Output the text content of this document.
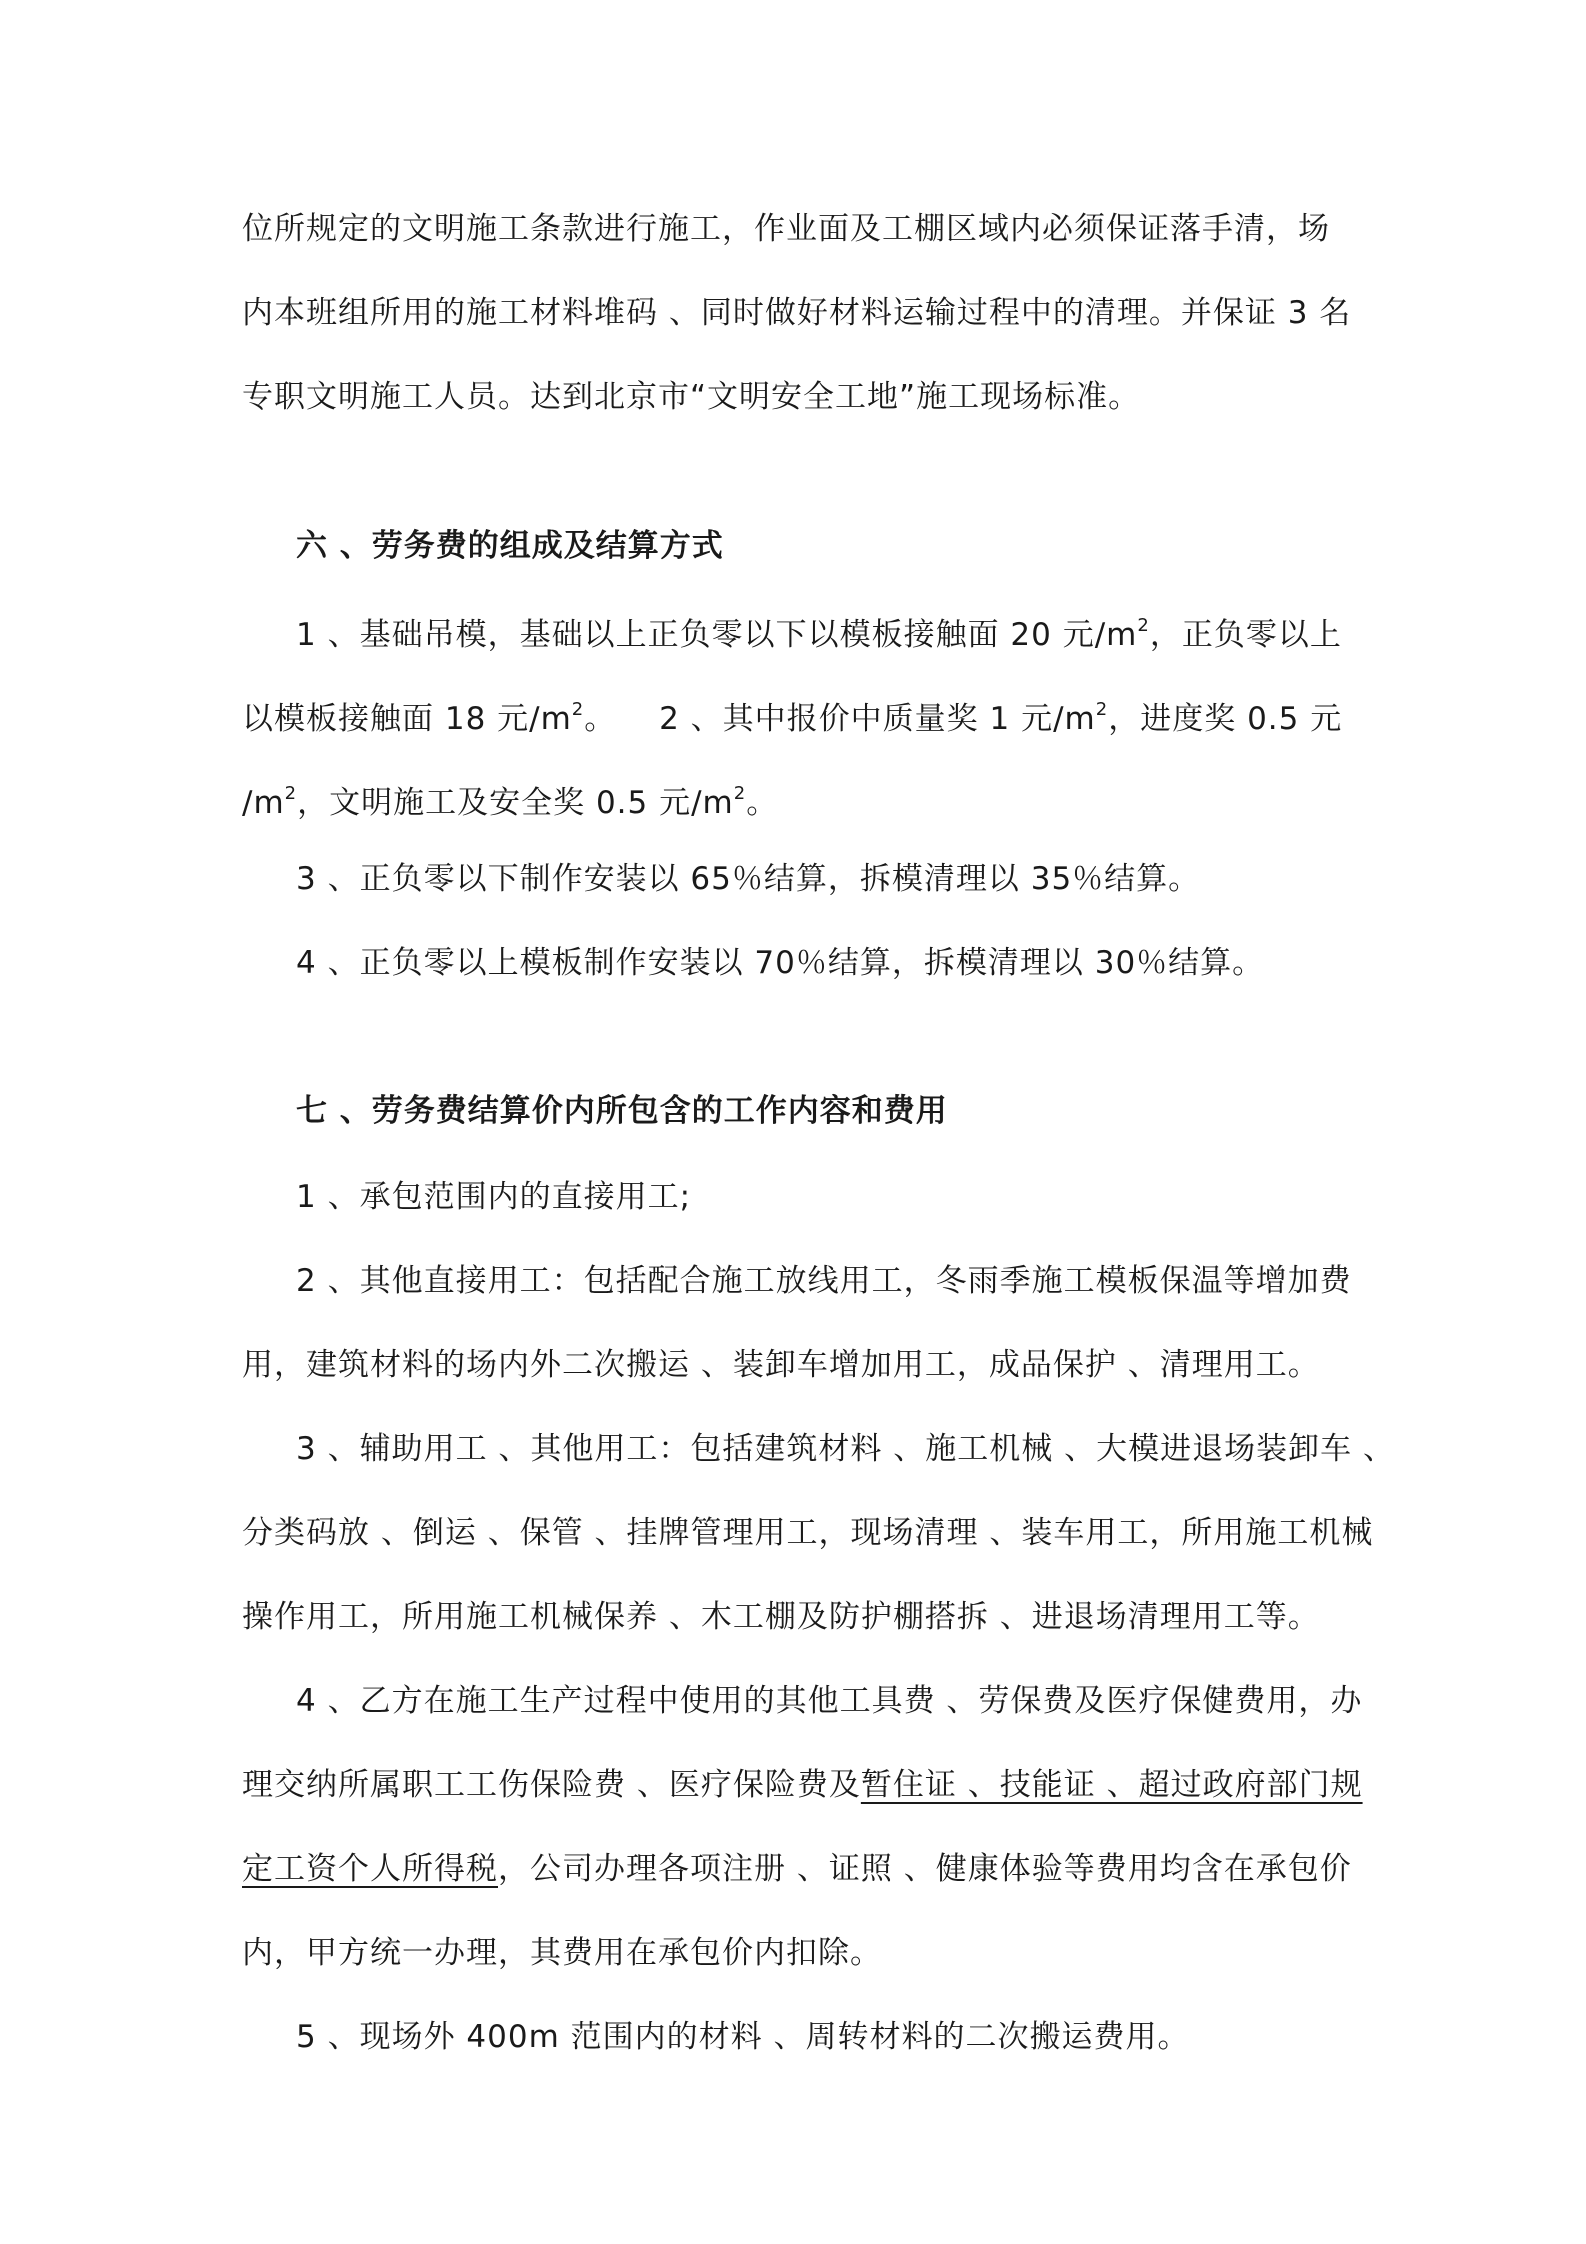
位所规定的文明施工条款进行施工，作业面及工棚区域内必须保证落手清，场
内本班组所用的施工材料堆码 、同时做好材料运输过程中的清理。并保证 3 名
专职文明施工人员。达到北京市“文明安全工地”施工现场标准。
六 、劳务费的组成及结算方式
1 、基础吊模，基础以上正负零以下以模板接触面 20 元$/m^2$，正负零以上
以模板接触面 18 元$/m^2$。 　2 、其中报价中质量奖 1 元$/m^2$，进度奖 0.5 元
$/m^2$，文明施工及安全奖 0.5 元$/m^2$。
3 、正负零以下制作安装以 65％结算，拆模清理以 35％结算。
4 、正负零以上模板制作安装以 70％结算，拆模清理以 30％结算。
七 、劳务费结算价内所包含的工作内容和费用
1 、承包范围内的直接用工;
2 、其他直接用工：包括配合施工放线用工，冬雨季施工模板保温等增加费
用，建筑材料的场内外二次搬运 、装卸车增加用工，成品保护 、清理用工。
3 、辅助用工 、其他用工：包括建筑材料 、施工机械 、大模进退场装卸车 、
分类码放 、倒运 、保管 、挂牌管理用工，现场清理 、装车用工，所用施工机械
操作用工，所用施工机械保养 、木工棚及防护棚搭拆 、进退场清理用工等。
4 、乙方在施工生产过程中使用的其他工具费 、劳保费及医疗保健费用，办
理交纳所属职工工伤保险费 、医疗保险费及暂住证 、技能证 、超过政府部门规
定工资个人所得税，公司办理各项注册 、证照 、健康体验等费用均含在承包价
内，甲方统一办理，其费用在承包价内扣除。
5 、现场外 400m 范围内的材料 、周转材料的二次搬运费用。
